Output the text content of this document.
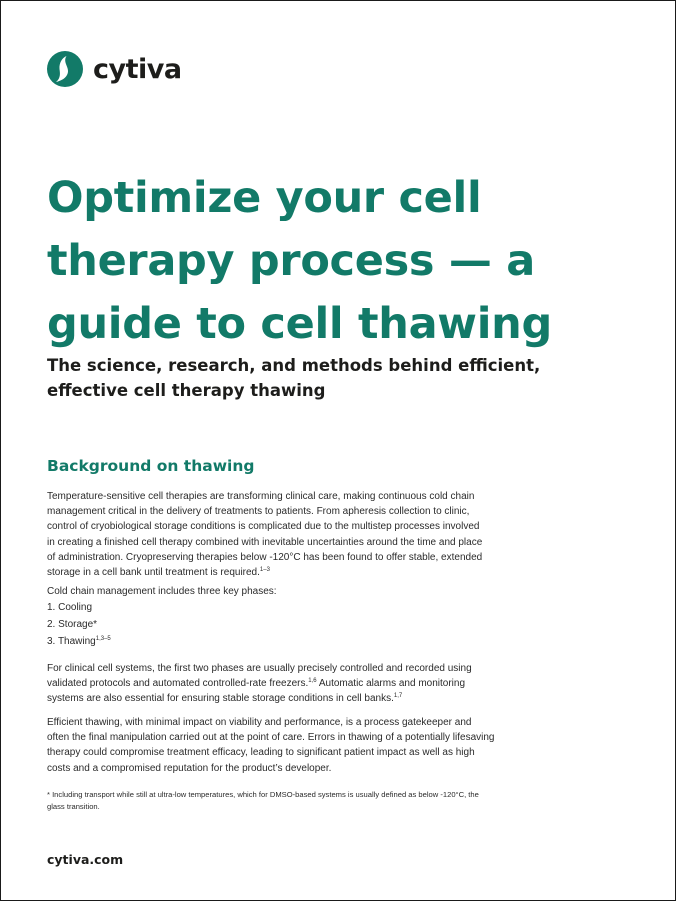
cytiva
Optimize your cell
therapy process — a
guide to cell thawing
The science, research, and methods behind efficient,
effective cell therapy thawing
Background on thawing

Temperature-sensitive cell therapies are transforming clinical care, making continuous cold chain
management critical in the delivery of treatments to patients. From apheresis collection to clinic,
control of cryobiological storage conditions is complicated due to the multistep processes involved
in creating a finished cell therapy combined with inevitable uncertainties around the time and place
of administration. Cryopreserving therapies below -120°C has been found to offer stable, extended
storage in a cell bank until treatment is required.$^{1-3}$

Cold chain management includes three key phases:

1. Cooling
2. Storage*
3. Thawing$^{1,3-5}$

For clinical cell systems, the first two phases are usually precisely controlled and recorded using
validated protocols and automated controlled-rate freezers.$^{1,6}$ Automatic alarms and monitoring
systems are also essential for ensuring stable storage conditions in cell banks.$^{1,7}$

Efficient thawing, with minimal impact on viability and performance, is a process gatekeeper and
often the final manipulation carried out at the point of care. Errors in thawing of a potentially lifesaving
therapy could compromise treatment efficacy, leading to significant patient impact as well as high
costs and a compromised reputation for the product’s developer.

* Including transport while still at ultra-low temperatures, which for DMSO-based systems is usually defined as below -120°C, the
glass transition.

cytiva.com
